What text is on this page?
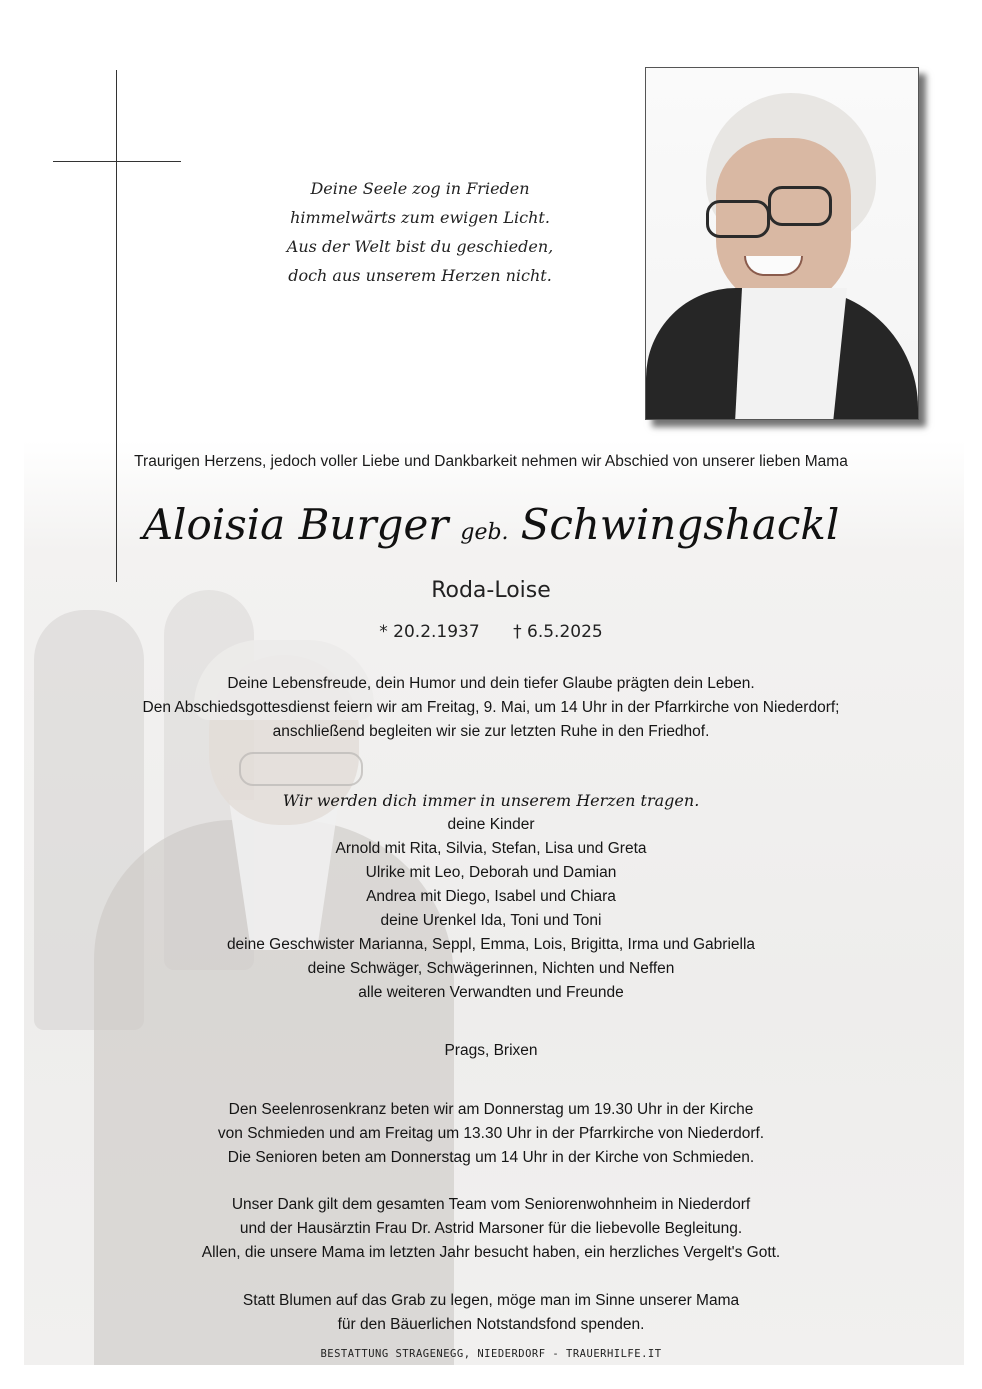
Deine Seele zog in Frieden
himmelwärts zum ewigen Licht.
Aus der Welt bist du geschieden,
doch aus unserem Herzen nicht.
Traurigen Herzens, jedoch voller Liebe und Dankbarkeit nehmen wir Abschied von unserer lieben Mama
Aloisia Burger geb. Schwingshackl
Roda-Loise
* 20.2.1937 † 6.5.2025
Deine Lebensfreude, dein Humor und dein tiefer Glaube prägten dein Leben.
Den Abschiedsgottesdienst feiern wir am Freitag, 9. Mai, um 14 Uhr in der Pfarrkirche von Niederdorf;
anschließend begleiten wir sie zur letzten Ruhe in den Friedhof.
Wir werden dich immer in unserem Herzen tragen.
deine Kinder
Arnold mit Rita, Silvia, Stefan, Lisa und Greta
Ulrike mit Leo, Deborah und Damian
Andrea mit Diego, Isabel und Chiara
deine Urenkel Ida, Toni und Toni
deine Geschwister Marianna, Seppl, Emma, Lois, Brigitta, Irma und Gabriella
deine Schwäger, Schwägerinnen, Nichten und Neffen
alle weiteren Verwandten und Freunde
Prags, Brixen
Den Seelenrosenkranz beten wir am Donnerstag um 19.30 Uhr in der Kirche
von Schmieden und am Freitag um 13.30 Uhr in der Pfarrkirche von Niederdorf.
Die Senioren beten am Donnerstag um 14 Uhr in der Kirche von Schmieden.
Unser Dank gilt dem gesamten Team vom Seniorenwohnheim in Niederdorf
und der Hausärztin Frau Dr. Astrid Marsoner für die liebevolle Begleitung.
Allen, die unsere Mama im letzten Jahr besucht haben, ein herzliches Vergelt's Gott.
Statt Blumen auf das Grab zu legen, möge man im Sinne unserer Mama
für den Bäuerlichen Notstandsfond spenden.
BESTATTUNG STRAGENEGG, NIEDERDORF - TRAUERHILFE.IT
